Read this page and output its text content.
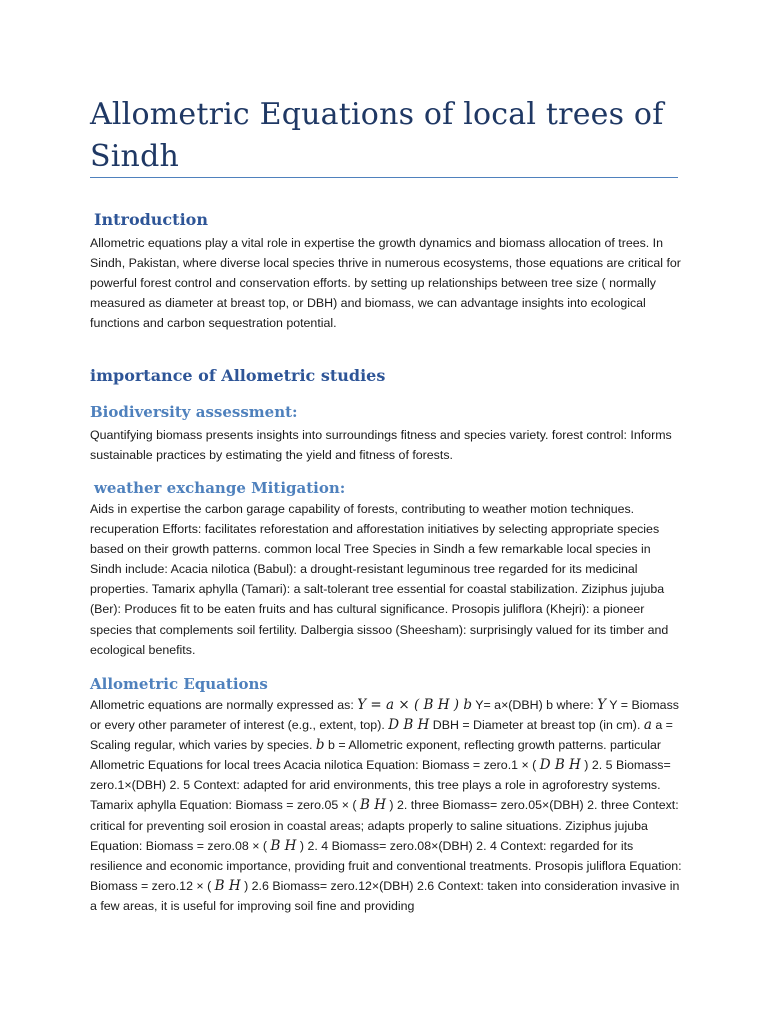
Allometric Equations of local trees of Sindh
Introduction
Allometric equations play a vital role in expertise the growth dynamics and biomass allocation of trees. In Sindh, Pakistan, where diverse local species thrive in numerous ecosystems, those equations are critical for powerful forest control and conservation efforts. by setting up relationships between tree size ( normally measured as diameter at breast top, or DBH) and biomass, we can advantage insights into ecological functions and carbon sequestration potential.
importance of Allometric studies
Biodiversity assessment:
Quantifying biomass presents insights into surroundings fitness and species variety. forest control: Informs sustainable practices by estimating the yield and fitness of forests.
weather exchange Mitigation:
Aids in expertise the carbon garage capability of forests, contributing to weather motion techniques. recuperation Efforts: facilitates reforestation and afforestation initiatives by selecting appropriate species based on their growth patterns. common local Tree Species in Sindh a few remarkable local species in Sindh include: Acacia nilotica (Babul): a drought-resistant leguminous tree regarded for its medicinal properties. Tamarix aphylla (Tamari): a salt-tolerant tree essential for coastal stabilization. Ziziphus jujuba (Ber): Produces fit to be eaten fruits and has cultural significance. Prosopis juliflora (Khejri): a pioneer species that complements soil fertility. Dalbergia sissoo (Sheesham): surprisingly valued for its timber and ecological benefits.
Allometric Equations
Allometric equations are normally expressed as: Y = a × ( B H ) b Y= a×(DBH) b where: Y Y = Biomass or every other parameter of interest (e.g., extent, top). D B H DBH = Diameter at breast top (in cm). a a = Scaling regular, which varies by species. b b = Allometric exponent, reflecting growth patterns. particular Allometric Equations for local trees Acacia nilotica Equation: Biomass = zero.1 × ( D B H ) 2. 5 Biomass= zero.1×(DBH) 2. 5 Context: adapted for arid environments, this tree plays a role in agroforestry systems. Tamarix aphylla Equation: Biomass = zero.05 × ( B H ) 2. three Biomass= zero.05×(DBH) 2. three Context: critical for preventing soil erosion in coastal areas; adapts properly to saline situations. Ziziphus jujuba Equation: Biomass = zero.08 × ( B H ) 2. 4 Biomass= zero.08×(DBH) 2. 4 Context: regarded for its resilience and economic importance, providing fruit and conventional treatments. Prosopis juliflora Equation: Biomass = zero.12 × ( B H ) 2.6 Biomass= zero.12×(DBH) 2.6 Context: taken into consideration invasive in a few areas, it is useful for improving soil fine and providing
